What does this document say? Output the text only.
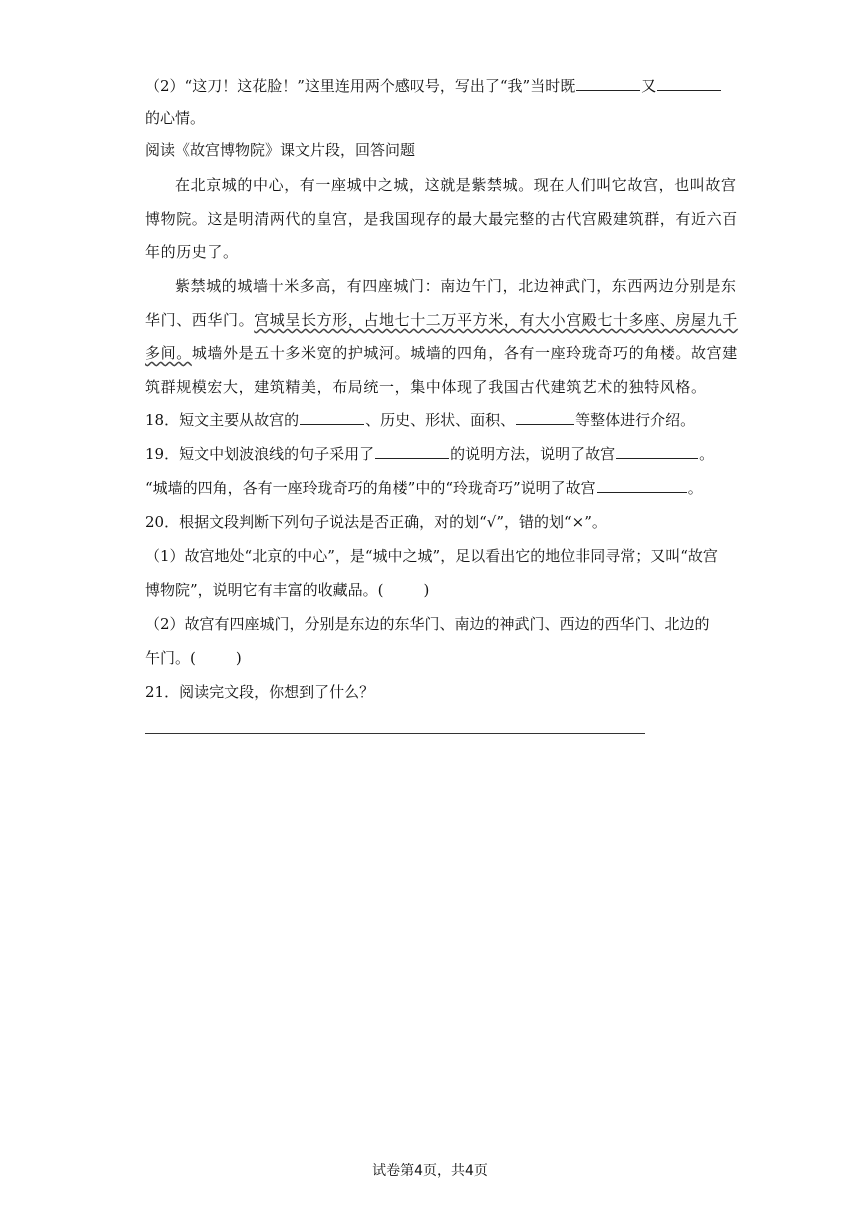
（2）“这刀！这花脸！”这里连用两个感叹号，写出了“我”当时既	又
的心情。
阅读《故宫博物院》课文片段，回答问题
在北京城的中心，有一座城中之城，这就是紫禁城。现在人们叫它故宫，也叫故宫
博物院。这是明清两代的皇宫，是我国现存的最大最完整的古代宫殿建筑群，有近六百
年的历史了。
紫禁城的城墙十米多高，有四座城门：南边午门，北边神武门，东西两边分别是东
华门、西华门。宫城呈长方形，占地七十二万平方米，有大小宫殿七十多座、房屋九千
多间。城墙外是五十多米宽的护城河。城墙的四角，各有一座玲珑奇巧的角楼。故宫建
筑群规模宏大，建筑精美，布局统一，集中体现了我国古代建筑艺术的独特风格。
18．短文主要从故宫的	、历史、形状、面积、	等整体进行介绍。
19．短文中划波浪线的句子采用了	的说明方法，说明了故宫	。
“城墙的四角，各有一座玲珑奇巧的角楼”中的“玲珑奇巧”说明了故宫	。
20．根据文段判断下列句子说法是否正确，对的划“√”，错的划“×”。
（1）故宫地处“北京的中心”，是“城中之城”，足以看出它的地位非同寻常；又叫“故宫
博物院”，说明它有丰富的收藏品。(	)
（2）故宫有四座城门，分别是东边的东华门、南边的神武门、西边的西华门、北边的
午门。(	)
21．阅读完文段，你想到了什么？
试卷第4页，共4页
